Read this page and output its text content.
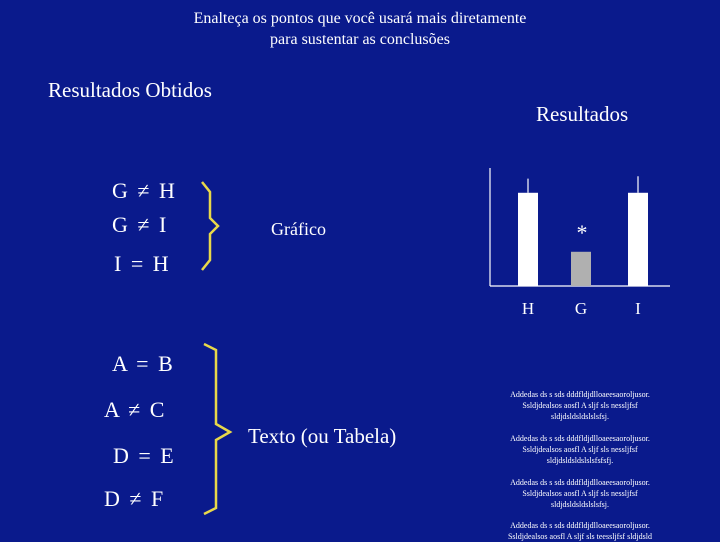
Enalteça os pontos que você usará mais diretamente
para sustentar as conclusões
Resultados Obtidos
Resultados
G ≠ H
G ≠ I
I = H
Gráfico
H G	I
*
A = B
A ≠ C
D = E
D ≠ F
Texto (ou Tabela)
Addedas ds s sds dddfldjdlloaeesaoroljusor.
Ssldjdealsos aosfl A sljf sls nessljfsf
sldjdsldsldslslsfsj.
Addedas ds s sds dddfldjdlloaeesaoroljusor.
Ssldjdealsos aosfl A sljf sls nessljfsf
sldjdsldsldslslsfsfsfj.
Addedas ds s sds dddfldjdlloaeesaoroljusor.
Ssldjdealsos aosfl A sljf sls nessljfsf
sldjdsldsldslslsfsj.
Addedas ds s sds dddfldjdlloaeesaoroljusor.
Ssldjdealsos aosfl A sljf sls teessljfsf sldjdsld
